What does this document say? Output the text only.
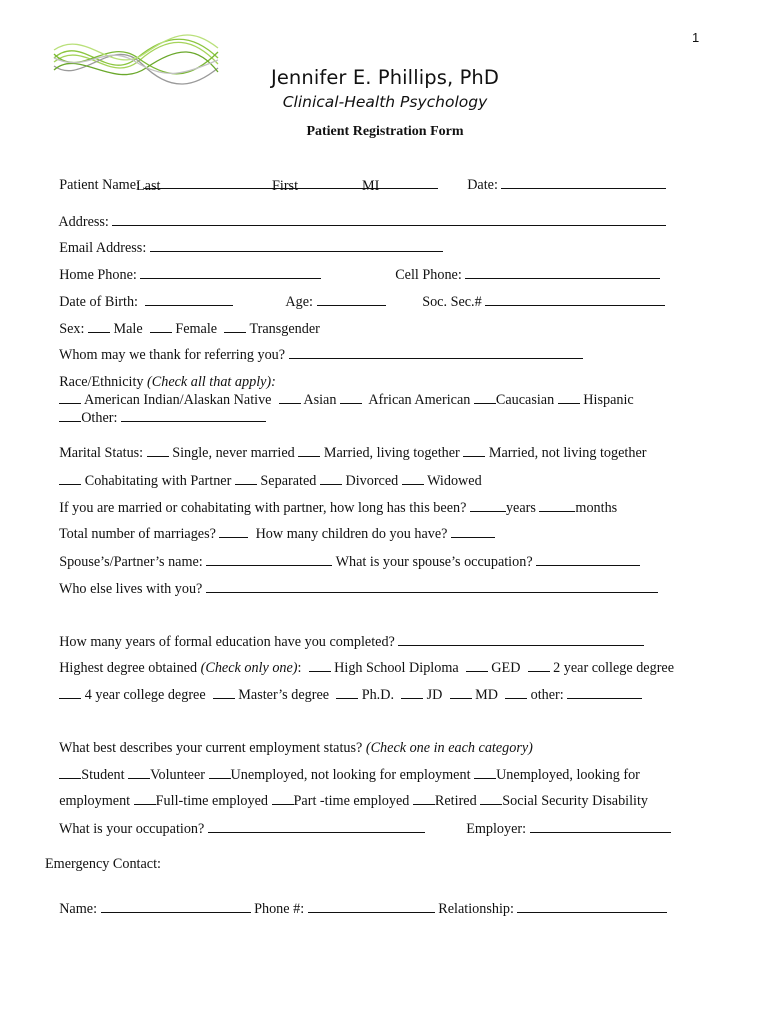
1
Jennifer E. Phillips, PhD
Clinical-Health Psychology
Patient Registration Form

Patient Name:
	Date:

Last	First	MI

Address:

Email Address:

Home Phone:
	Cell Phone:

Date of Birth:
	Age:
	Soc. Sec.#

Sex: Male Female Transgender

Whom may we thank for referring you?

Race/Ethnicity (Check all that apply):

American Indian/Alaskan Native Asian African American Caucasian Hispanic

Other:

Marital Status: Single, never married Married, living together Married, not living together

Cohabitating with Partner Separated Divorced Widowed

If you are married or cohabitating with partner, how long has this been?	years	months

Total number of marriages?	How many children do you have?

Spouse’s/Partner’s name:	What is your spouse’s occupation?

Who else lives with you?

How many years of formal education have you completed?

Highest degree obtained (Check only one):   High School Diploma GED 2 year college degree

4 year college degree Master’s degree Ph.D. JD MD other:

What best describes your current employment status? (Check one in each category)

Student Volunteer Unemployed, not looking for employment Unemployed, looking for

employment Full-time employed Part -time employed Retired Social Security Disability

What is your occupation?
	Employer:

Emergency Contact:

Name:	Phone #:	Relationship:
